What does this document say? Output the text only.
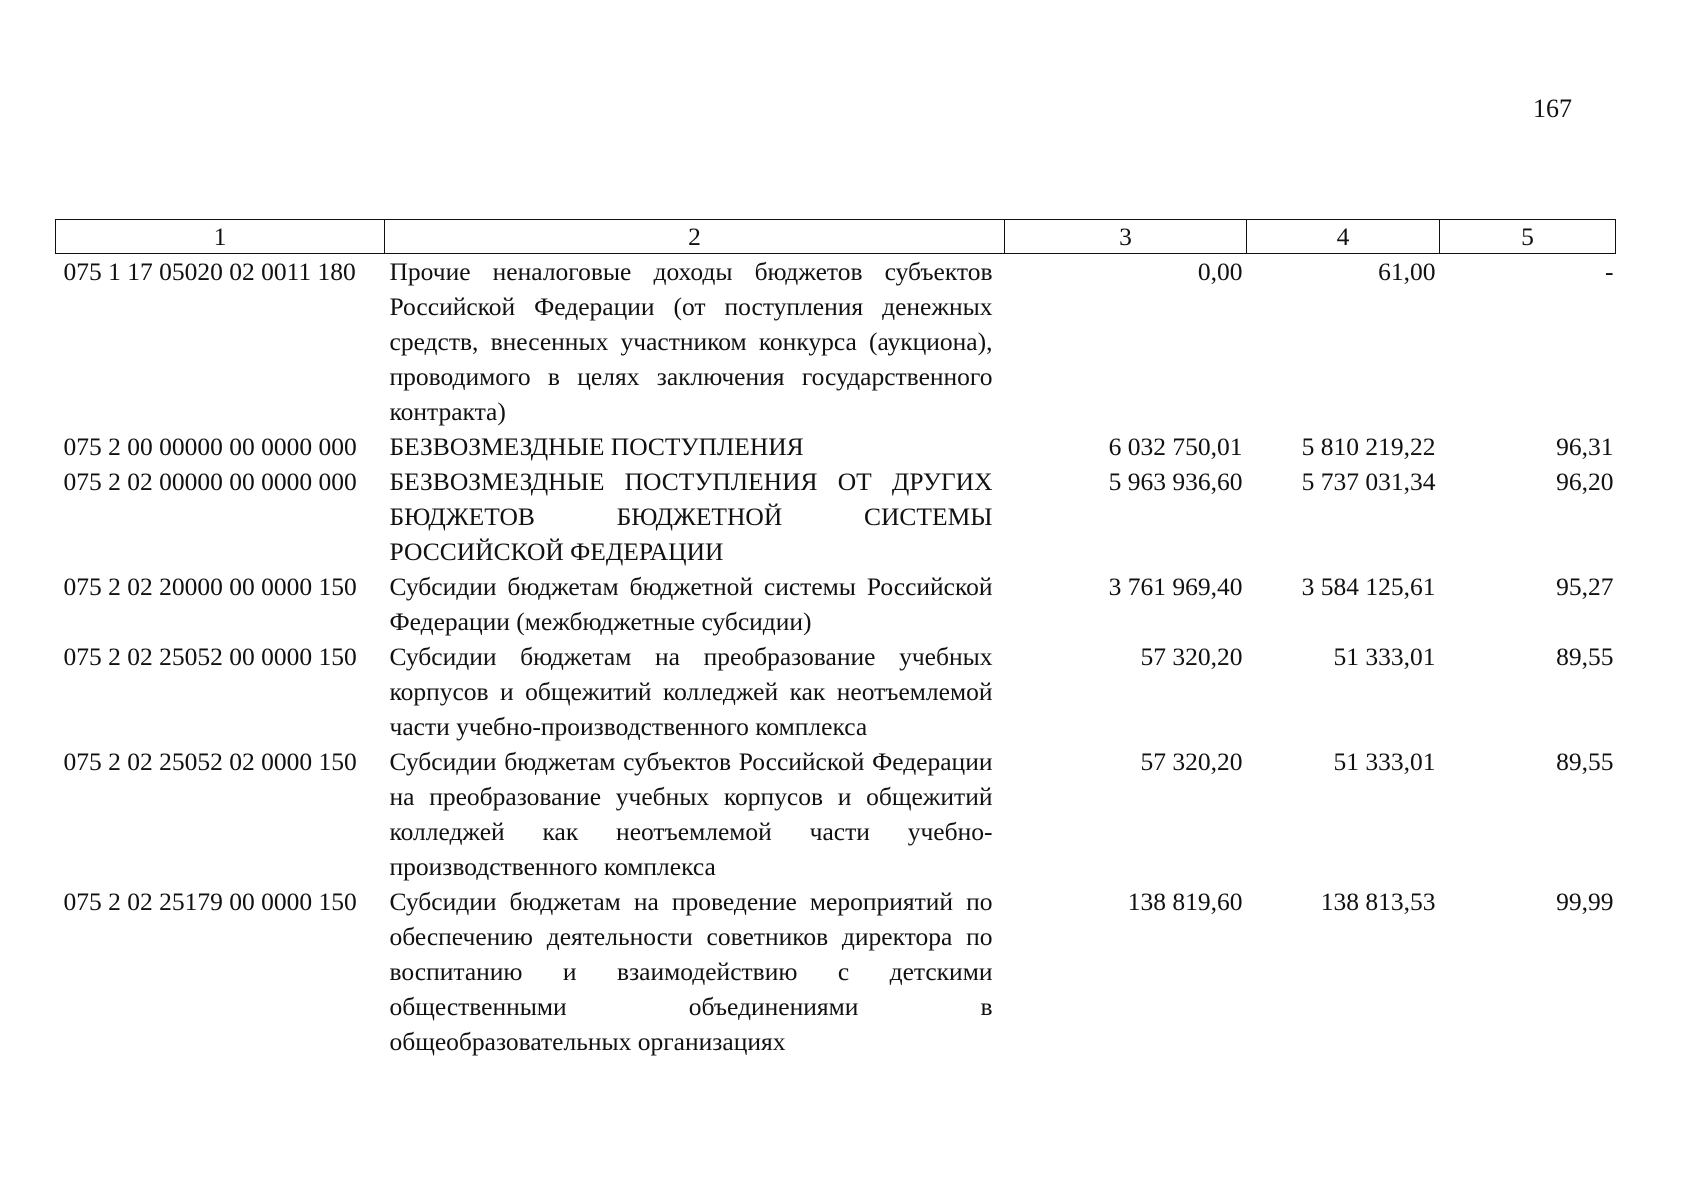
167
1	2	3	4	5
075 1 17 05020 02 0011 180	Прочие неналоговые доходы бюджетов субъектов Российской Федерации (от поступления денежных средств, внесенных участником конкурса (аукциона), проводимого в целях заключения государственного контракта)	0,00	61,00	-
075 2 00 00000 00 0000 000	БЕЗВОЗМЕЗДНЫЕ ПОСТУПЛЕНИЯ	6 032 750,01	5 810 219,22	96,31
075 2 02 00000 00 0000 000	БЕЗВОЗМЕЗДНЫЕ ПОСТУПЛЕНИЯ ОТ ДРУГИХ БЮДЖЕТОВ БЮДЖЕТНОЙ СИСТЕМЫ РОССИЙСКОЙ ФЕДЕРАЦИИ	5 963 936,60	5 737 031,34	96,20
075 2 02 20000 00 0000 150	Субсидии бюджетам бюджетной системы Российской Федерации (межбюджетные субсидии)	3 761 969,40	3 584 125,61	95,27
075 2 02 25052 00 0000 150	Субсидии бюджетам на преобразование учебных корпусов и общежитий колледжей как неотъемлемой части учебно-производственного комплекса	57 320,20	51 333,01	89,55
075 2 02 25052 02 0000 150	Субсидии бюджетам субъектов Российской Федерации на преобразование учебных корпусов и общежитий колледжей как неотъемлемой части учебно-производственного комплекса	57 320,20	51 333,01	89,55
075 2 02 25179 00 0000 150	Субсидии бюджетам на проведение мероприятий по обеспечению деятельности советников директора по воспитанию и взаимодействию с детскими общественными объединениями в общеобразовательных организациях	138 819,60	138 813,53	99,99
